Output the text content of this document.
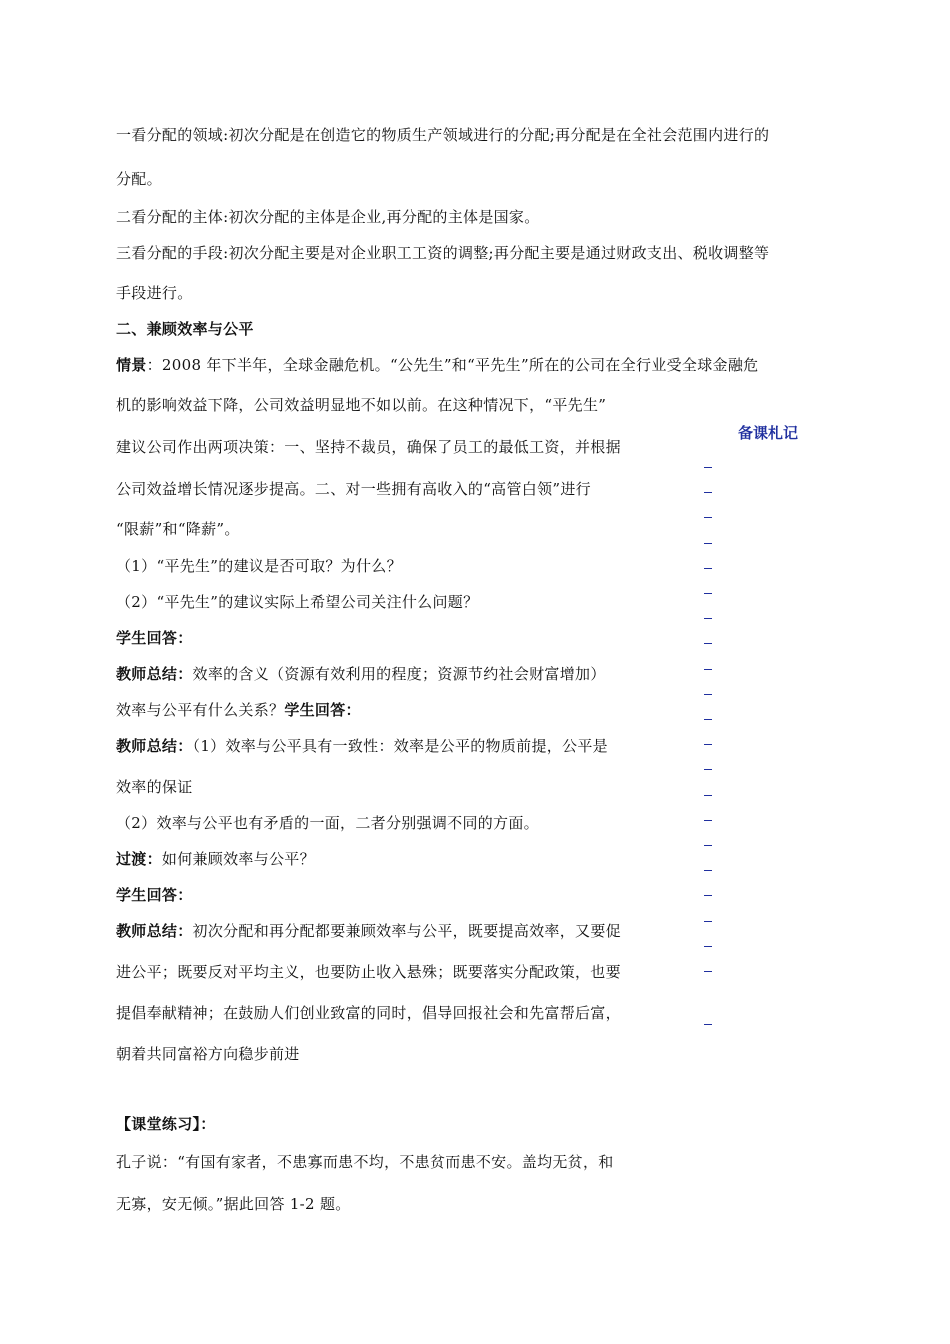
一看分配的领域:初次分配是在创造它的物质生产领域进行的分配;再分配是在全社会范围内进行的
分配。
二看分配的主体:初次分配的主体是企业,再分配的主体是国家。
三看分配的手段:初次分配主要是对企业职工工资的调整;再分配主要是通过财政支出、税收调整等
手段进行。
二、兼顾效率与公平
情景：2008 年下半年，全球金融危机。“公先生”和“平先生”所在的公司在全行业受全球金融危
机的影响效益下降，公司效益明显地不如以前。在这种情况下，“平先生”
建议公司作出两项决策：一、坚持不裁员，确保了员工的最低工资，并根据
公司效益增长情况逐步提高。二、对一些拥有高收入的“高管白领”进行
“限薪”和“降薪”。
（1）“平先生”的建议是否可取？为什么？
（2）“平先生”的建议实际上希望公司关注什么问题？
学生回答：
教师总结：效率的含义（资源有效利用的程度；资源节约社会财富增加）
效率与公平有什么关系？学生回答：
教师总结：（1）效率与公平具有一致性：效率是公平的物质前提，公平是
效率的保证
（2）效率与公平也有矛盾的一面，二者分别强调不同的方面。
过渡：如何兼顾效率与公平？
学生回答：
教师总结：初次分配和再分配都要兼顾效率与公平，既要提高效率，又要促
进公平；既要反对平均主义，也要防止收入悬殊；既要落实分配政策，也要
提倡奉献精神；在鼓励人们创业致富的同时，倡导回报社会和先富帮后富，
朝着共同富裕方向稳步前进
【课堂练习】：
孔子说：“有国有家者，不患寡而患不均，不患贫而患不安。盖均无贫，和
无寡，安无倾。”据此回答 1-2 题。
备课札记
